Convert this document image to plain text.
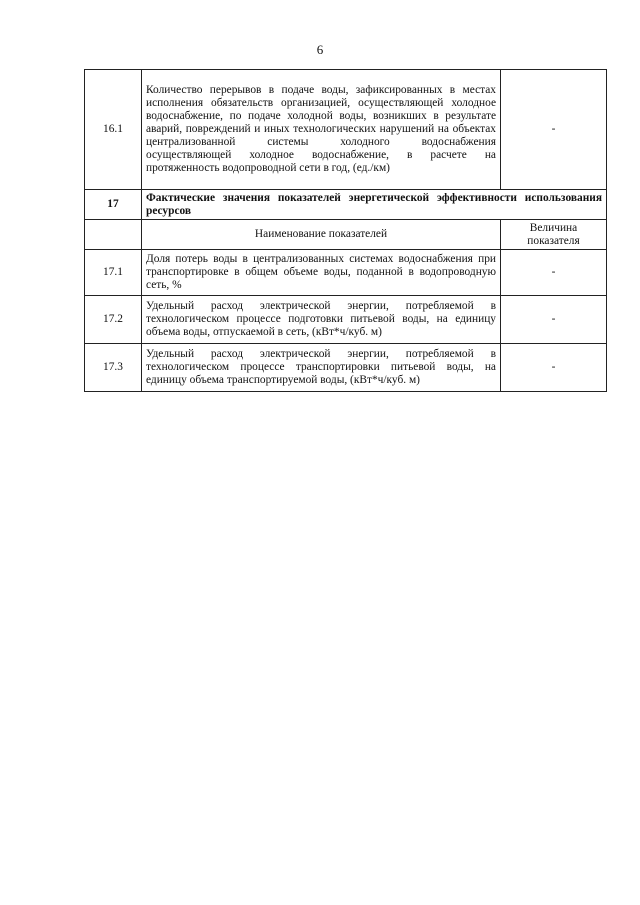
6
16.1	Количество перерывов в подаче воды, зафиксированных в местах исполнения обязательств организацией, осуществляющей холодное водоснабжение, по подаче холодной воды, возникших в результате аварий, повреждений и иных технологических нарушений на объектах централизованной системы холодного водоснабжения осуществляющей холодное водоснабжение, в расчете на протяженность водопроводной сети в год, (ед./км)	-
17	Фактические значения показателей энергетической эффективности использования ресурсов	
	Наименование показателей	Величина показателя
17.1	Доля потерь воды в централизованных системах водоснабжения при транспортировке в общем объеме воды, поданной в водопроводную сеть, %	-
17.2	Удельный расход электрической энергии, потребляемой в технологическом процессе подготовки питьевой воды, на единицу объема воды, отпускаемой в сеть, (кВт*ч/куб. м)	-
17.3	Удельный расход электрической энергии, потребляемой в технологическом процессе транспортировки питьевой воды, на единицу объема транспортируемой воды, (кВт*ч/куб. м)	-
